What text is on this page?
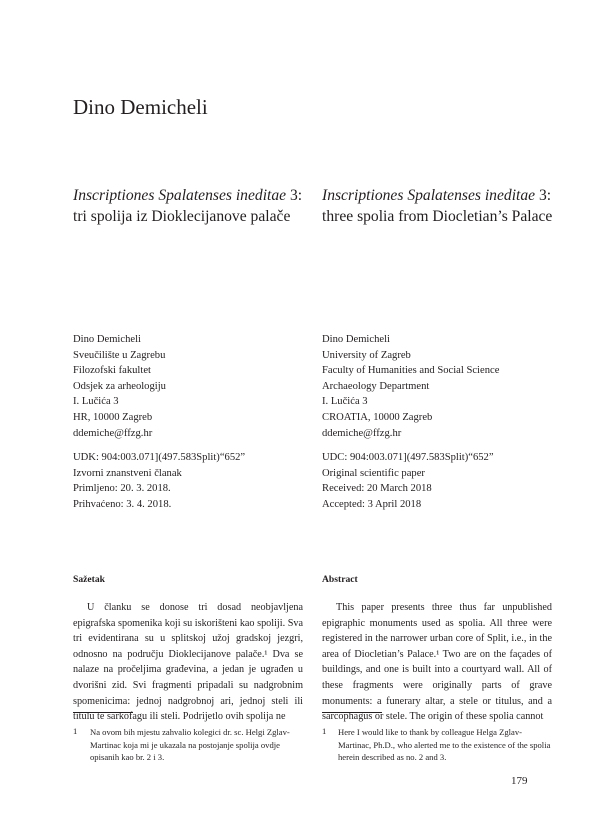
Dino Demicheli
Inscriptiones Spalatenses ineditae 3: tri spolija iz Dioklecijanove palače
Dino Demicheli
Sveučilište u Zagrebu
Filozofski fakultet
Odsjek za arheologiju
I. Lučića 3
HR, 10000 Zagreb
ddemiche@ffzg.hr
UDK: 904:003.071](497.583Split)“652”
Izvorni znanstveni članak
Primljeno: 20. 3. 2018.
Prihvaćeno: 3. 4. 2018.
Sažetak
U članku se donose tri dosad neobjavljena epigrafska spomenika koji su iskorišteni kao spoliji. Sva tri evidentirana su u splitskoj užoj gradskoj jezgri, odnosno na području Dioklecijanove palače.¹ Dva se nalaze na pročeljima građevina, a jedan je ugrađen u dvorišni zid. Svi fragmenti pripadali su nadgrobnim spomenicima: jednoj nadgrobnoj ari, jednoj steli ili titulu te sarkofagu ili steli. Podrijetlo ovih spolija ne
1 Na ovom bih mjestu zahvalio kolegici dr. sc. Helgi Zglav-Martinac koja mi je ukazala na postojanje spolija ovdje opisanih kao br. 2 i 3.
Inscriptiones Spalatenses ineditae 3: three spolia from Diocletian’s Palace
Dino Demicheli
University of Zagreb
Faculty of Humanities and Social Science
Archaeology Department
I. Lučića 3
CROATIA, 10000 Zagreb
ddemiche@ffzg.hr
UDC: 904:003.071](497.583Split)“652”
Original scientific paper
Received: 20 March 2018
Accepted: 3 April 2018
Abstract
This paper presents three thus far unpublished epigraphic monuments used as spolia. All three were registered in the narrower urban core of Split, i.e., in the area of Diocletian’s Palace.¹ Two are on the façades of buildings, and one is built into a courtyard wall. All of these fragments were originally parts of grave monuments: a funerary altar, a stele or titulus, and a sarcophagus or stele. The origin of these spolia cannot
1 Here I would like to thank by colleague Helga Zglav-Martinac, Ph.D., who alerted me to the existence of the spolia herein described as no. 2 and 3.
179
